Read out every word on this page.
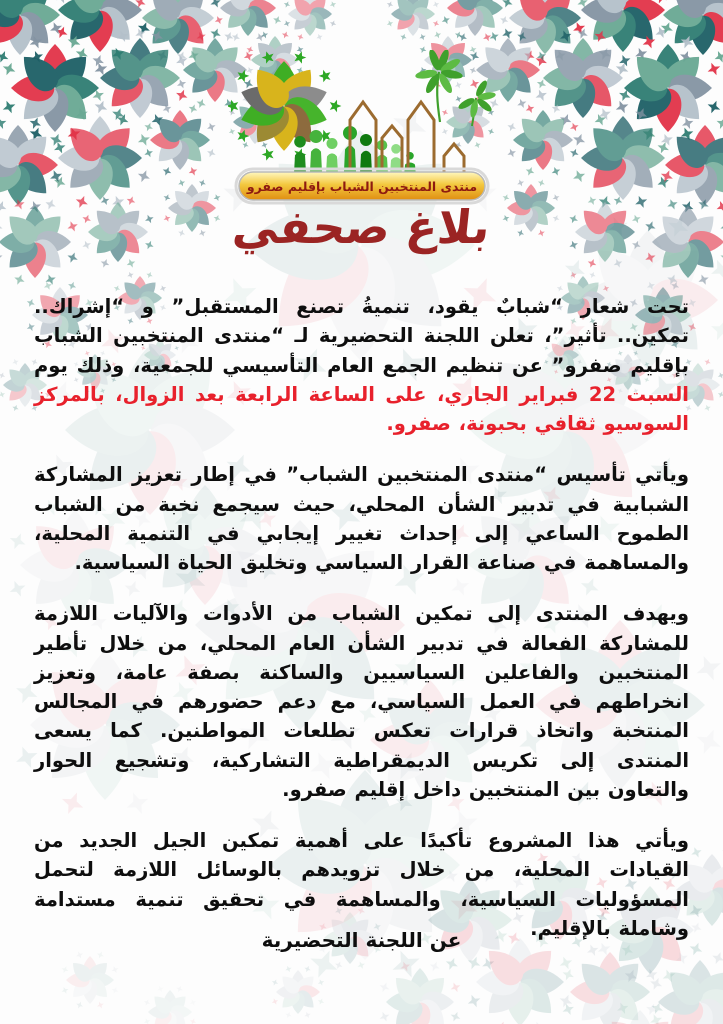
منتدى المنتخبين الشباب بإقليم صفرو
بلاغ صحفي

تحت شعار “شبابٌ يقود، تنميةُ تصنع المستقبل” و “إشراك.. تمكين.. تأثير”، تعلن اللجنة التحضيرية لـ “منتدى المنتخبين الشباب بإقليم صفرو” عن تنظيم الجمع العام التأسيسي للجمعية، وذلك يوم السبت 22 فبراير الجاري، على الساعة الرابعة بعد الزوال، بالمركز السوسيو ثقافي بحبونة، صفرو.

ويأتي تأسيس “منتدى المنتخبين الشباب” في إطار تعزيز المشاركة الشبابية في تدبير الشأن المحلي، حيث سيجمع نخبة من الشباب الطموح الساعي إلى إحداث تغيير إيجابي في التنمية المحلية، والمساهمة في صناعة القرار السياسي وتخليق الحياة السياسية.

ويهدف المنتدى إلى تمكين الشباب من الأدوات والآليات اللازمة للمشاركة الفعالة في تدبير الشأن العام المحلي، من خلال تأطير المنتخبين والفاعلين السياسيين والساكنة بصفة عامة، وتعزيز انخراطهم في العمل السياسي، مع دعم حضورهم في المجالس المنتخبة واتخاذ قرارات تعكس تطلعات المواطنين. كما يسعى المنتدى إلى تكريس الديمقراطية التشاركية، وتشجيع الحوار والتعاون بين المنتخبين داخل إقليم صفرو.

ويأتي هذا المشروع تأكيدًا على أهمية تمكين الجيل الجديد من القيادات المحلية، من خلال تزويدهم بالوسائل اللازمة لتحمل المسؤوليات السياسية، والمساهمة في تحقيق تنمية مستدامة وشاملة بالإقليم.

عن اللجنة التحضيرية
